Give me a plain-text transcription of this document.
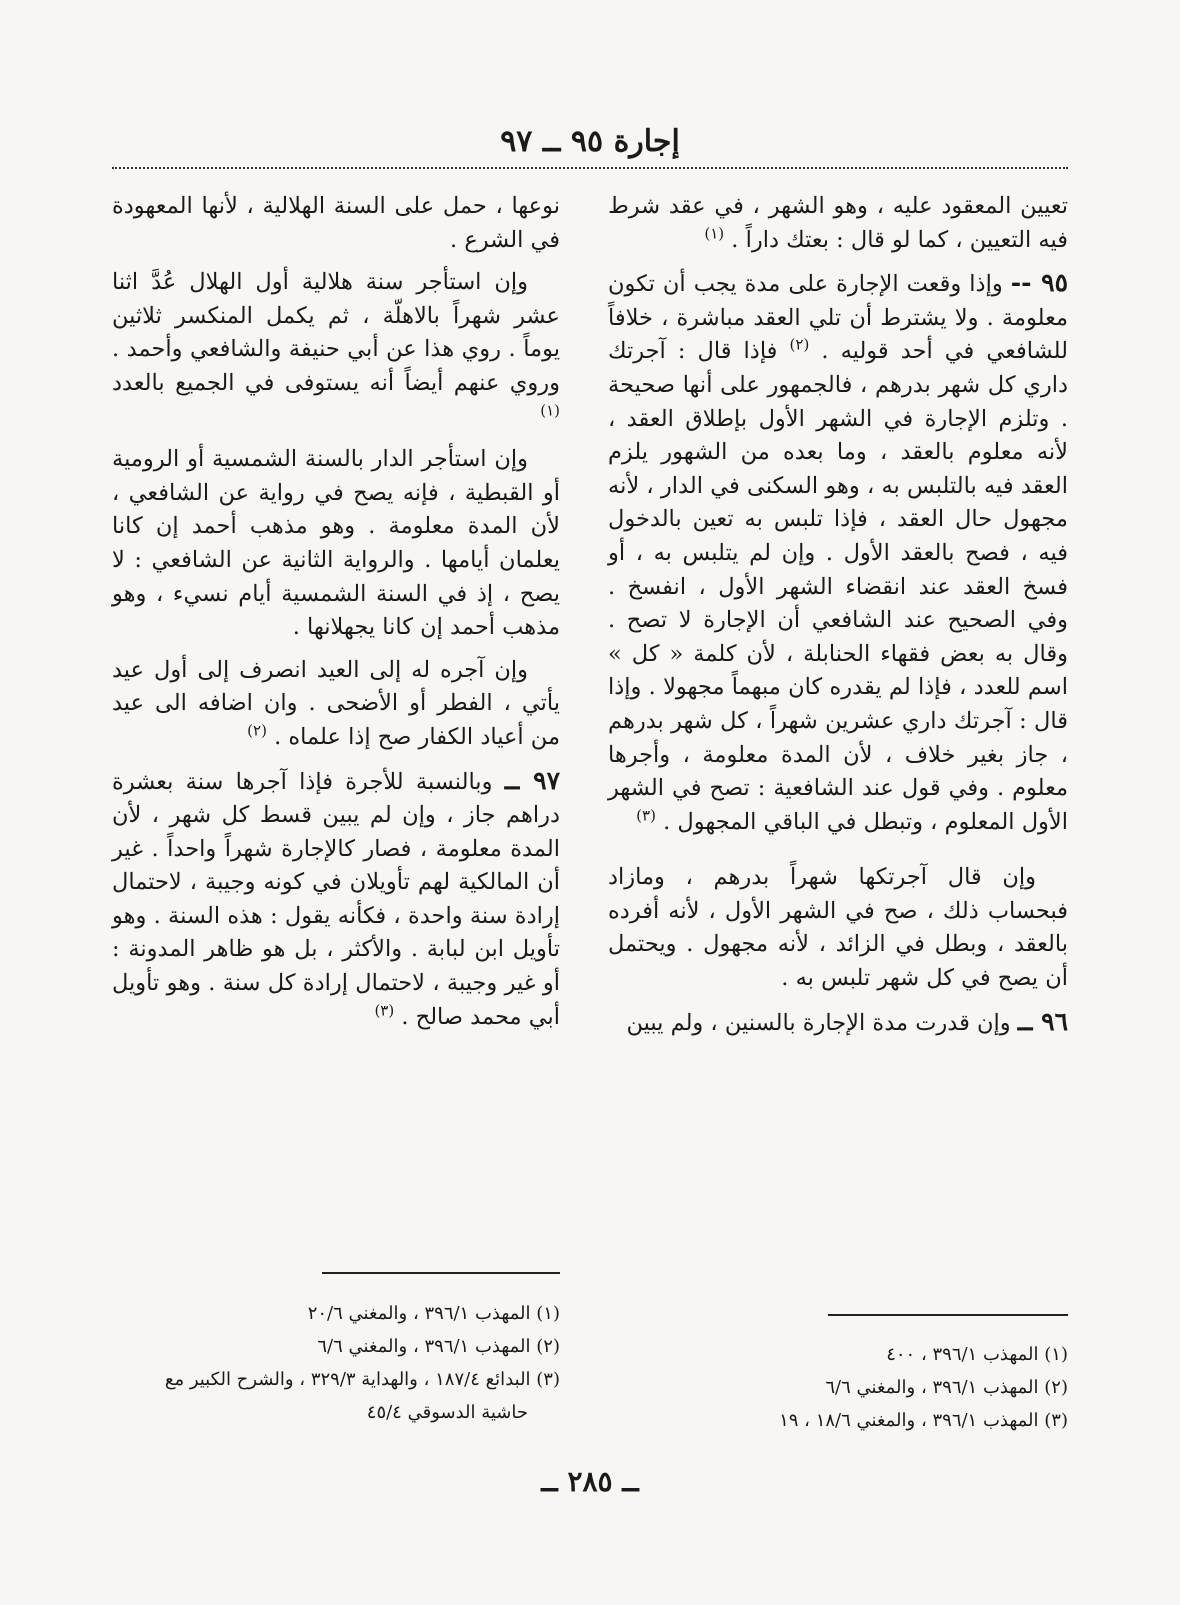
إجارة ٩٥ ــ ٩٧

تعيين المعقود عليه ، وهو الشهر ، في عقد شرط فيه التعيين ، كما لو قال : بعتك داراً . $^{(١)}$

٩٥ -- وإذا وقعت الإجارة على مدة يجب أن تكون معلومة . ولا يشترط أن تلي العقد مباشرة ، خلافاً للشافعي في أحد قوليه . $^{(٢)}$ فإذا قال : آجرتك داري كل شهر بدرهم ، فالجمهور على أنها صحيحة . وتلزم الإجارة في الشهر الأول بإطلاق العقد ، لأنه معلوم بالعقد ، وما بعده من الشهور يلزم العقد فيه بالتلبس به ، وهو السكنى في الدار ، لأنه مجهول حال العقد ، فإذا تلبس به تعين بالدخول فيه ، فصح بالعقد الأول . وإن لم يتلبس به ، أو فسخ العقد عند انقضاء الشهر الأول ، انفسخ . وفي الصحيح عند الشافعي أن الإجارة لا تصح . وقال به بعض فقهاء الحنابلة ، لأن كلمة « كل » اسم للعدد ، فإذا لم يقدره كان مبهماً مجهولا . وإذا قال : آجرتك داري عشرين شهراً ، كل شهر بدرهم ، جاز بغير خلاف ، لأن المدة معلومة ، وأجرها معلوم . وفي قول عند الشافعية : تصح في الشهر الأول المعلوم ، وتبطل في الباقي المجهول . $^{(٣)}$

وإن قال آجرتكها شهراً بدرهم ، ومازاد فبحساب ذلك ، صح في الشهر الأول ، لأنه أفرده بالعقد ، وبطل في الزائد ، لأنه مجهول . ويحتمل أن يصح في كل شهر تلبس به .

٩٦ ــ وإن قدرت مدة الإجارة بالسنين ، ولم يبين

نوعها ، حمل على السنة الهلالية ، لأنها المعهودة في الشرع .

وإن استأجر سنة هلالية أول الهلال عُدَّ اثنا عشر شهراً بالاهلّة ، ثم يكمل المنكسر ثلاثين يوماً . روي هذا عن أبي حنيفة والشافعي وأحمد . وروي عنهم أيضاً أنه يستوفى في الجميع بالعدد $^{(١)}$

وإن استأجر الدار بالسنة الشمسية أو الرومية أو القبطية ، فإنه يصح في رواية عن الشافعي ، لأن المدة معلومة . وهو مذهب أحمد إن كانا يعلمان أيامها . والرواية الثانية عن الشافعي : لا يصح ، إذ في السنة الشمسية أيام نسيء ، وهو مذهب أحمد إن كانا يجهلانها .

وإن آجره له إلى العيد انصرف إلى أول عيد يأتي ، الفطر أو الأضحى . وان اضافه الى عيد من أعياد الكفار صح إذا علماه . $^{(٢)}$

٩٧ ــ وبالنسبة للأجرة فإذا آجرها سنة بعشرة دراهم جاز ، وإن لم يبين قسط كل شهر ، لأن المدة معلومة ، فصار كالإجارة شهراً واحداً . غير أن المالكية لهم تأويلان في كونه وجيبة ، لاحتمال إرادة سنة واحدة ، فكأنه يقول : هذه السنة . وهو تأويل ابن لبابة . والأكثر ، بل هو ظاهر المدونة : أو غير وجيبة ، لاحتمال إرادة كل سنة . وهو تأويل أبي محمد صالح . $^{(٣)}$

(١) المهذب ٣٩٦/١ ، والمغني ٢٠/٦

(٢) المهذب ٣٩٦/١ ، والمغني ٦/٦

(٣) البدائع ١٨٧/٤ ، والهداية ٣٢٩/٣ ، والشرح الكبير مع

حاشية الدسوقي ٤٥/٤

(١) المهذب ٣٩٦/١ ، ٤٠٠

(٢) المهذب ٣٩٦/١ ، والمغني ٦/٦

(٣) المهذب ٣٩٦/١ ، والمغني ١٨/٦ ، ١٩

ــ ٢٨٥ ــ
